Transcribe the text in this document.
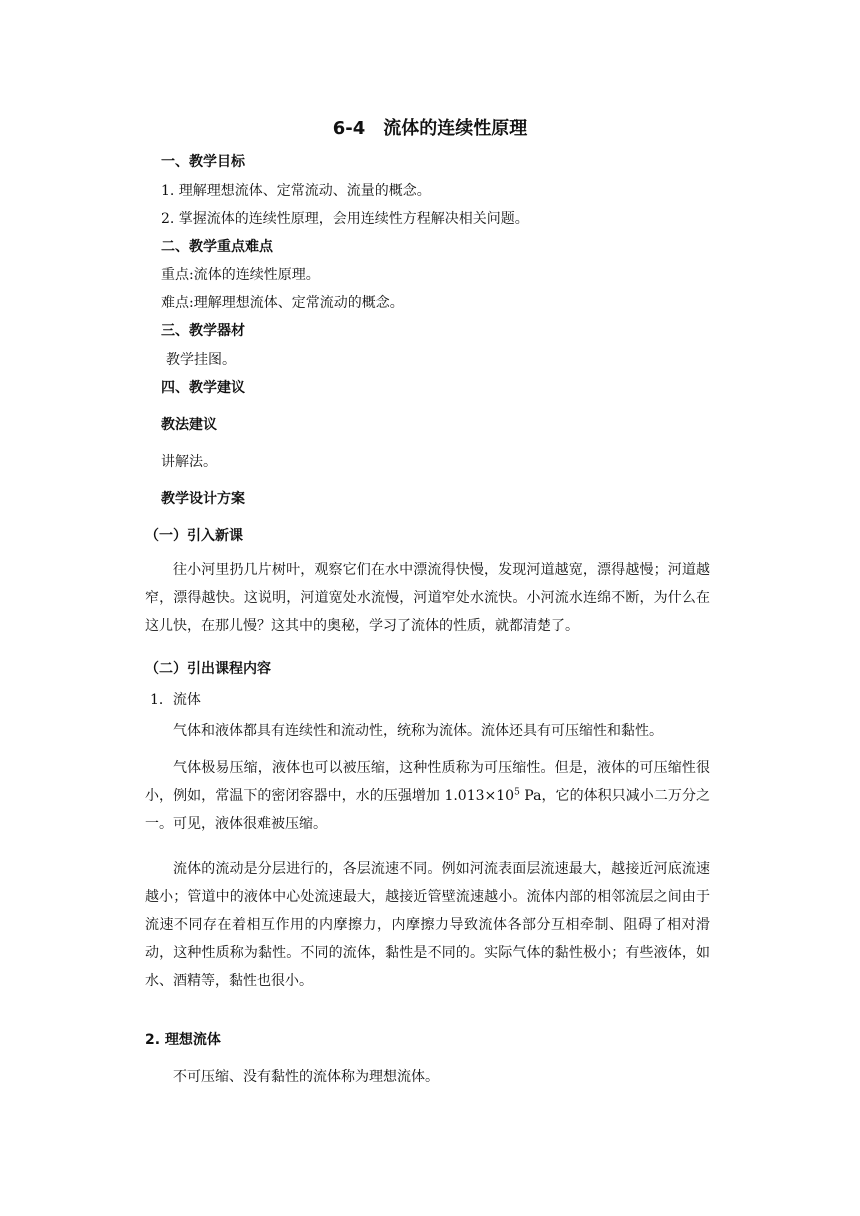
6-4　流体的连续性原理
一、教学目标
1. 理解理想流体、定常流动、流量的概念。
2. 掌握流体的连续性原理，会用连续性方程解决相关问题。
二、教学重点难点
重点:流体的连续性原理。
难点:理解理想流体、定常流动的概念。
三、教学器材
教学挂图。
四、教学建议
教法建议
讲解法。
教学设计方案
（一）引入新课
往小河里扔几片树叶，观察它们在水中漂流得快慢，发现河道越宽，漂得越慢；河道越窄，漂得越快。这说明，河道宽处水流慢，河道窄处水流快。小河流水连绵不断，为什么在这儿快，在那儿慢？这其中的奥秘，学习了流体的性质，就都清楚了。
（二）引出课程内容
1．流体
气体和液体都具有连续性和流动性，统称为流体。流体还具有可压缩性和黏性。
气体极易压缩，液体也可以被压缩，这种性质称为可压缩性。但是，液体的可压缩性很小，例如，常温下的密闭容器中，水的压强增加 $1.013\times 10^5$ Pa，它的体积只减小二万分之一。可见，液体很难被压缩。
流体的流动是分层进行的，各层流速不同。例如河流表面层流速最大，越接近河底流速越小；管道中的液体中心处流速最大，越接近管壁流速越小。流体内部的相邻流层之间由于流速不同存在着相互作用的内摩擦力，内摩擦力导致流体各部分互相牵制、阻碍了相对滑动，这种性质称为黏性。不同的流体，黏性是不同的。实际气体的黏性极小；有些液体，如水、酒精等，黏性也很小。
2. 理想流体
不可压缩、没有黏性的流体称为理想流体。
